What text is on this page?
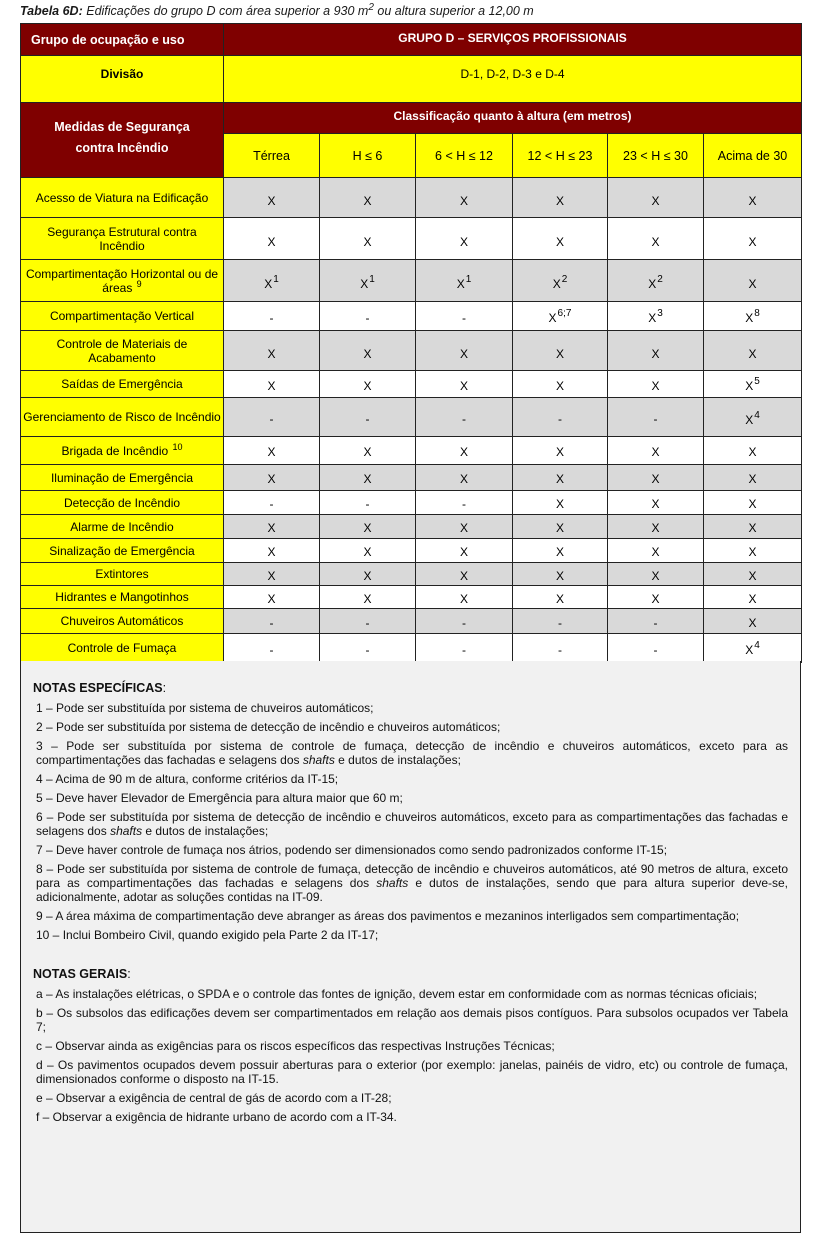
Tabela 6D: Edificações do grupo D com área superior a 930 $m^2$ ou altura superior a 12,00 m
Grupo de ocupação e uso	GRUPO D – SERVIÇOS PROFISSIONAIS					
Divisão	D-1, D-2, D-3 e D-4					
Medidas de Segurança contra Incêndio	Classificação quanto à altura (em metros)					
	Térrea	H ≤ 6	6 < H ≤ 12	12 < H ≤ 23	23 < H ≤ 30	Acima de 30
Acesso de Viatura na Edificação	X	X	X	X	X	X
Segurança Estrutural contra Incêndio	X	X	X	X	X	X
Compartimentação Horizontal ou de áreas $^9$	$X^1$	$X^1$	$X^1$	$X^2$	$X^2$	X
Compartimentação Vertical	-	-	-	$X^{6;7}$	$X^3$	$X^8$
Controle de Materiais de Acabamento	X	X	X	X	X	X
Saídas de Emergência	X	X	X	X	X	$X^5$
Gerenciamento de Risco de Incêndio	-	-	-	-	-	$X^4$
Brigada de Incêndio $^{10}$	X	X	X	X	X	X
Iluminação de Emergência	X	X	X	X	X	X
Detecção de Incêndio	-	-	-	X	X	X
Alarme de Incêndio	X	X	X	X	X	X
Sinalização de Emergência	X	X	X	X	X	X
Extintores	X	X	X	X	X	X
Hidrantes e Mangotinhos	X	X	X	X	X	X
Chuveiros Automáticos	-	-	-	-	-	X
Controle de Fumaça	-	-	-	-	-	$X^4$
NOTAS ESPECÍFICAS:
1 – Pode ser substituída por sistema de chuveiros automáticos;
2 – Pode ser substituída por sistema de detecção de incêndio e chuveiros automáticos;
3 – Pode ser substituída por sistema de controle de fumaça, detecção de incêndio e chuveiros automáticos, exceto para as compartimentações das fachadas e selagens dos shafts e dutos de instalações;
4 – Acima de 90 m de altura, conforme critérios da IT-15;
5 – Deve haver Elevador de Emergência para altura maior que 60 m;
6 – Pode ser substituída por sistema de detecção de incêndio e chuveiros automáticos, exceto para as compartimentações das fachadas e selagens dos shafts e dutos de instalações;
7 – Deve haver controle de fumaça nos átrios, podendo ser dimensionados como sendo padronizados conforme IT-15;
8 – Pode ser substituída por sistema de controle de fumaça, detecção de incêndio e chuveiros automáticos, até 90 metros de altura, exceto para as compartimentações das fachadas e selagens dos shafts e dutos de instalações, sendo que para altura superior deve-se, adicionalmente, adotar as soluções contidas na IT-09.
9 – A área máxima de compartimentação deve abranger as áreas dos pavimentos e mezaninos interligados sem compartimentação;
10 – Inclui Bombeiro Civil, quando exigido pela Parte 2 da IT-17;
NOTAS GERAIS:
a – As instalações elétricas, o SPDA e o controle das fontes de ignição, devem estar em conformidade com as normas técnicas oficiais;
b – Os subsolos das edificações devem ser compartimentados em relação aos demais pisos contíguos. Para subsolos ocupados ver Tabela 7;
c – Observar ainda as exigências para os riscos específicos das respectivas Instruções Técnicas;
d – Os pavimentos ocupados devem possuir aberturas para o exterior (por exemplo: janelas, painéis de vidro, etc) ou controle de fumaça, dimensionados conforme o disposto na IT-15.
e – Observar a exigência de central de gás de acordo com a IT-28;
f – Observar a exigência de hidrante urbano de acordo com a IT-34.
